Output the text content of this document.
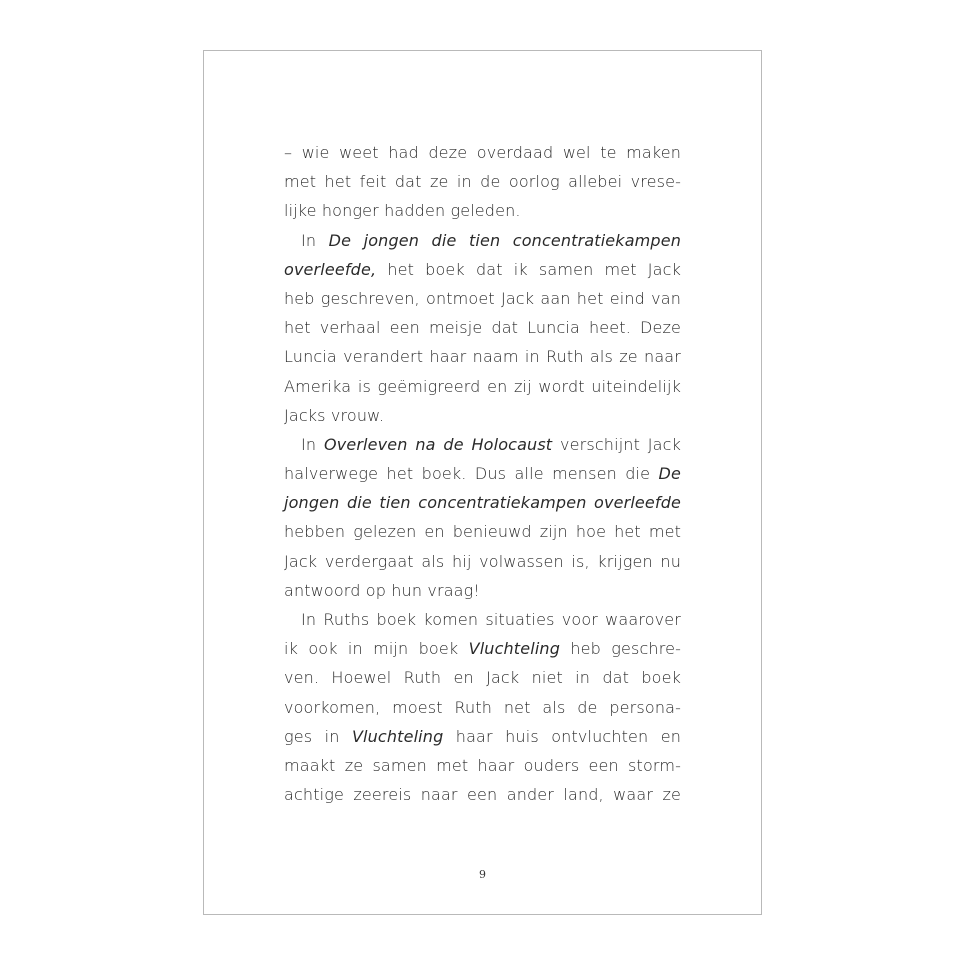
– wie weet had deze overdaad wel te maken
met het feit dat ze in de oorlog allebei vrese-
lijke honger hadden geleden.
In De jongen die tien concentratiekampen
overleefde, het boek dat ik samen met Jack
heb geschreven, ontmoet Jack aan het eind van
het verhaal een meisje dat Luncia heet. Deze
Luncia verandert haar naam in Ruth als ze naar
Amerika is geëmigreerd en zij wordt uiteindelijk
Jacks vrouw.
In Overleven na de Holocaust verschijnt Jack
halverwege het boek. Dus alle mensen die De
jongen die tien concentratiekampen overleefde
hebben gelezen en benieuwd zijn hoe het met
Jack verdergaat als hij volwassen is, krijgen nu
antwoord op hun vraag!
In Ruths boek komen situaties voor waarover
ik ook in mijn boek Vluchteling heb geschre-
ven. Hoewel Ruth en Jack niet in dat boek
voorkomen, moest Ruth net als de persona-
ges in Vluchteling haar huis ontvluchten en
maakt ze samen met haar ouders een storm-
achtige zeereis naar een ander land, waar ze
9
